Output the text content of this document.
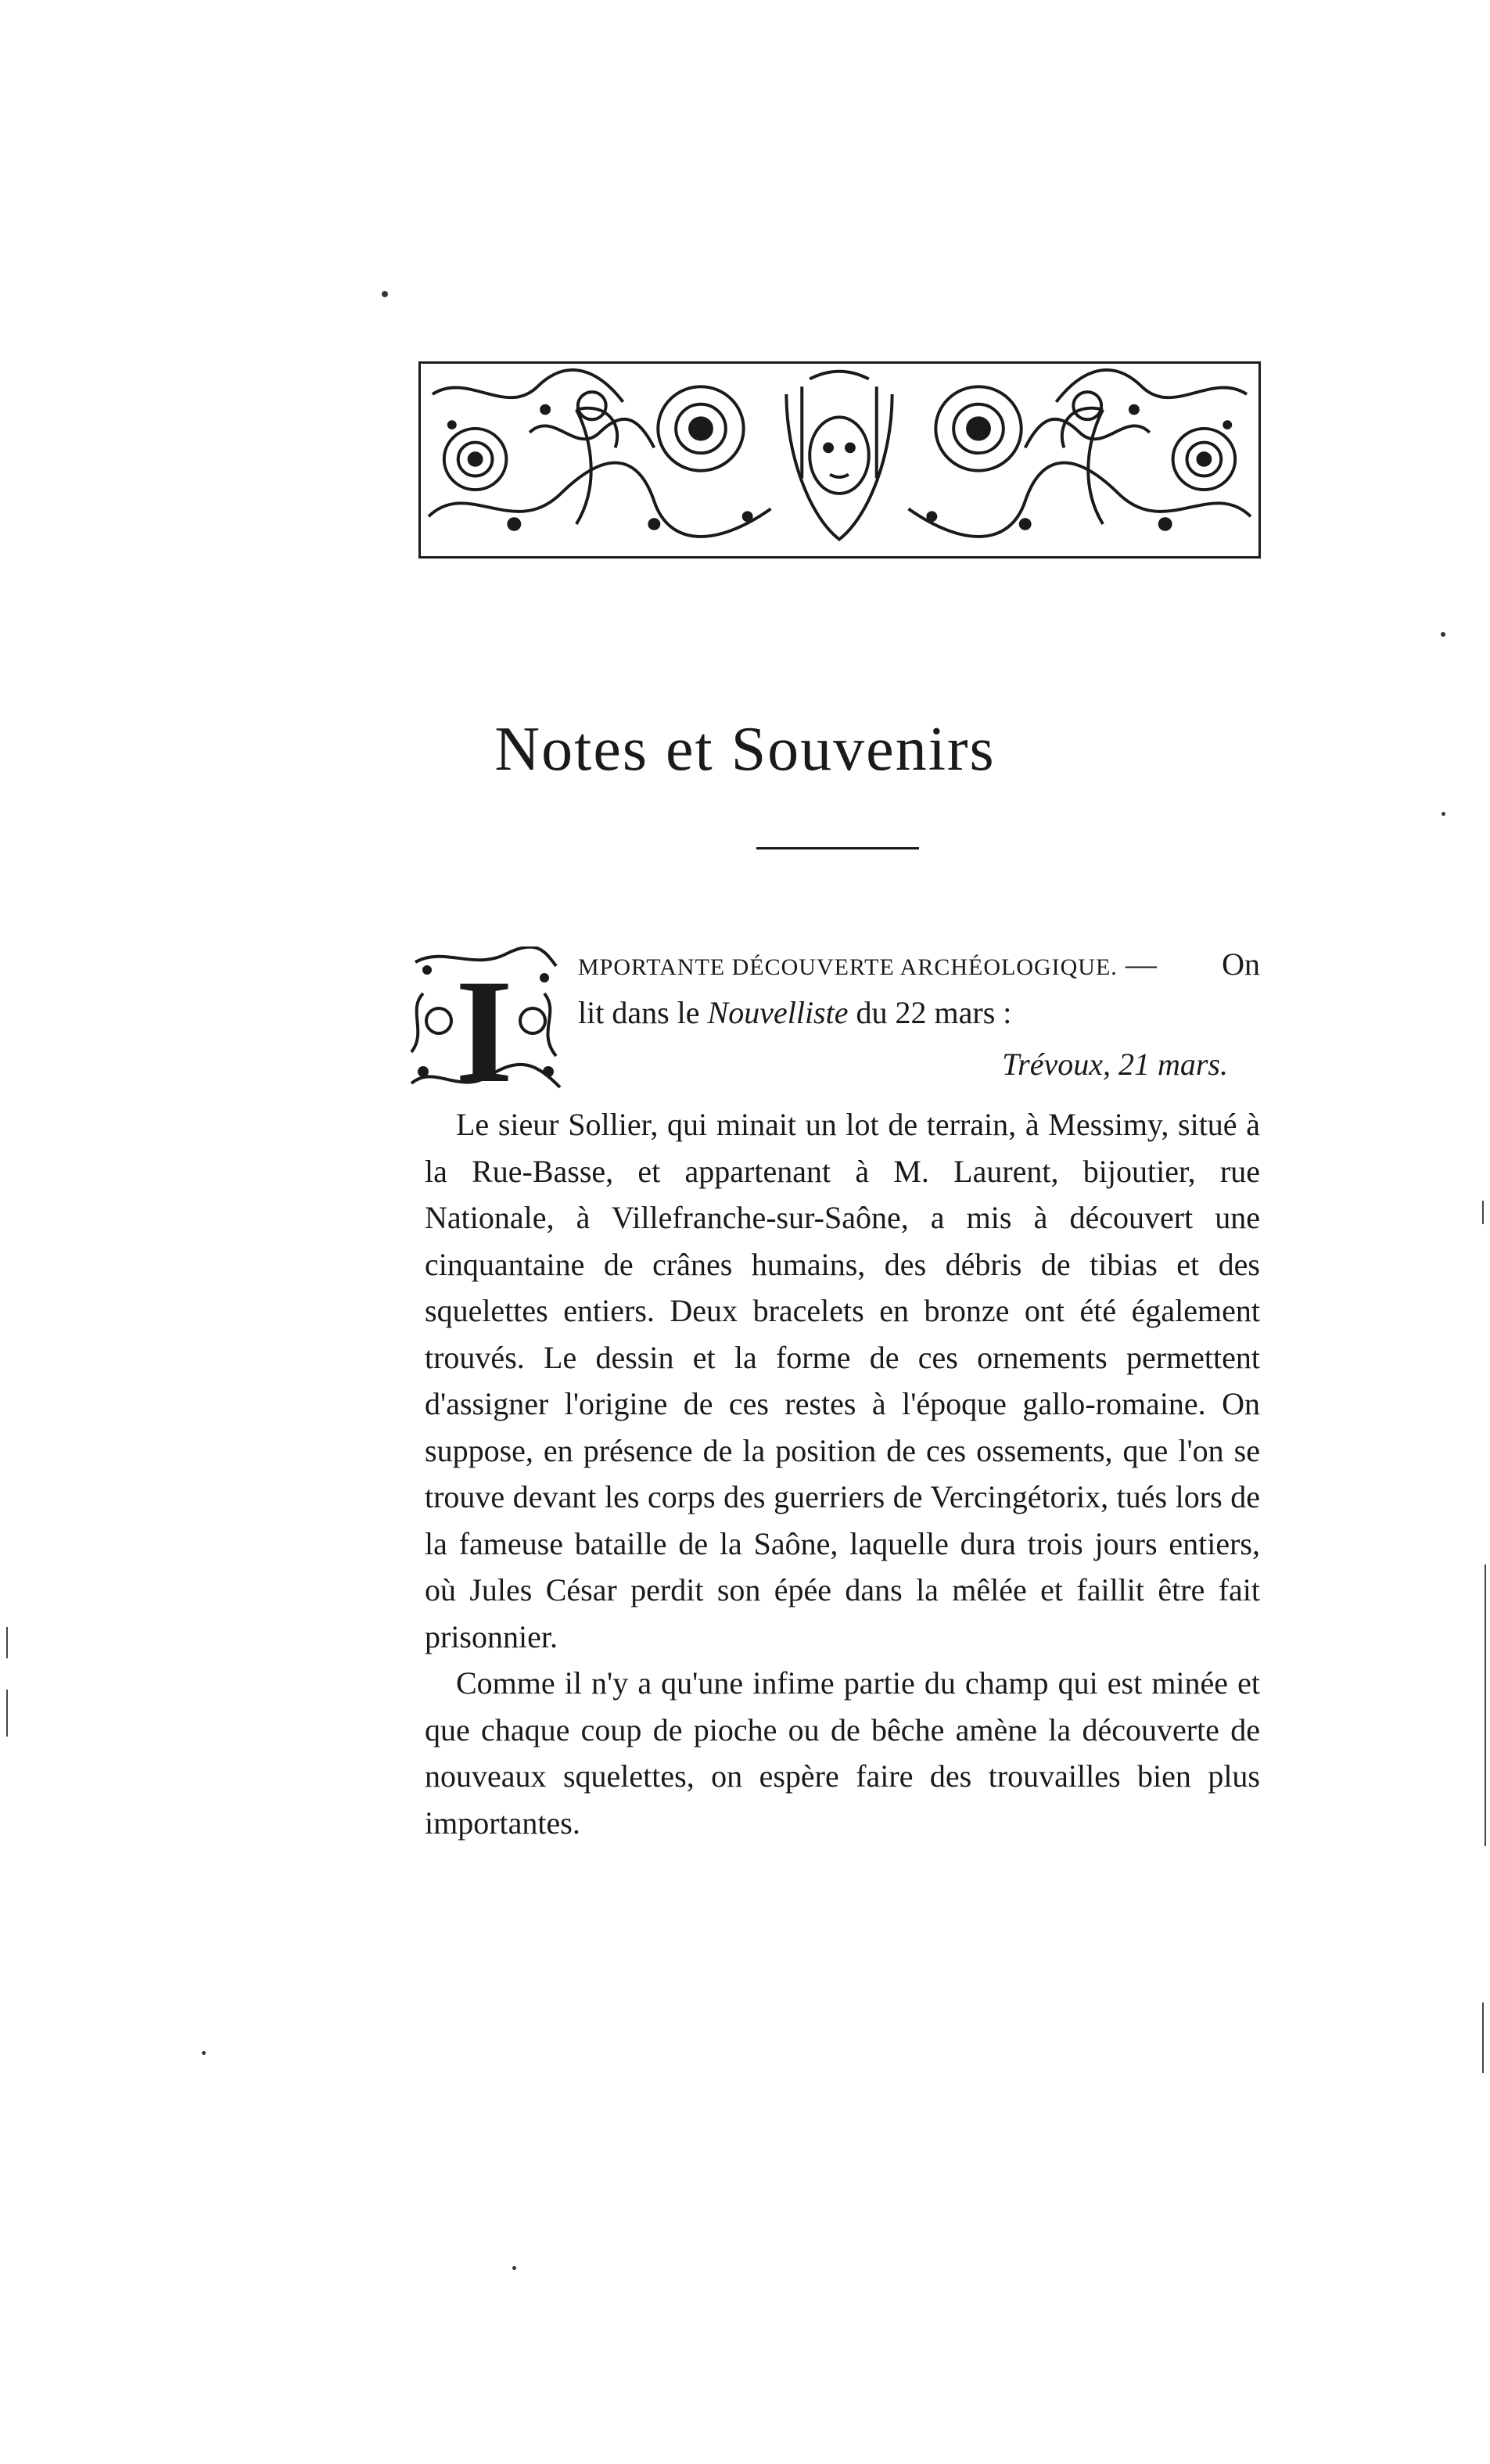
Notes et Souvenirs
I	MPORTANTE DÉCOUVERTE ARCHÉOLOGIQUE. — On
lit dans le Nouvelliste du 22 mars :
Trévoux, 21 mars.

Le sieur Sollier, qui minait un lot de terrain, à Messimy, situé à la Rue-Basse, et appartenant à M. Laurent, bijoutier, rue Nationale, à Villefranche-sur-Saône, a mis à découvert une cinquantaine de crânes humains, des débris de tibias et des squelettes entiers. Deux bracelets en bronze ont été également trouvés. Le dessin et la forme de ces ornements permettent d'assigner l'origine de ces restes à l'époque gallo-romaine. On suppose, en présence de la position de ces ossements, que l'on se trouve devant les corps des guerriers de Vercingétorix, tués lors de la fameuse bataille de la Saône, laquelle dura trois jours entiers, où Jules César perdit son épée dans la mêlée et faillit être fait prisonnier.

Comme il n'y a qu'une infime partie du champ qui est minée et que chaque coup de pioche ou de bêche amène la découverte de nouveaux squelettes, on espère faire des trouvailles bien plus importantes.
